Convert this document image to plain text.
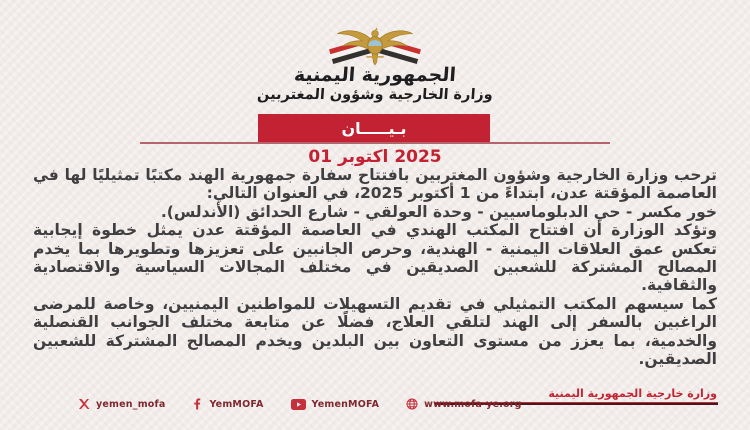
الجمهورية اليمنية
وزارة الخارجية وشؤون المغتربين
بـيـــــان
01 اكتوبر 2025

ترحب وزارة الخارجية وشؤون المغتربين بافتتاح سفارة جمهورية الهند مكتبًا تمثيليًا لها في العاصمة المؤقتة عدن، ابتداءً من 1 أكتوبر 2025، في العنوان التالي:

خور مكسر - حي الدبلوماسيين - وحدة العولقي - شارع الحدائق (الأندلس).

وتؤكد الوزارة أن افتتاح المكتب الهندي في العاصمة المؤقتة عدن يمثل خطوة إيجابية تعكس عمق العلاقات اليمنية - الهندية، وحرص الجانبين على تعزيزها وتطويرها بما يخدم المصالح المشتركة للشعبين الصديقين في مختلف المجالات السياسية والاقتصادية والثقافية.

كما سيسهم المكتب التمثيلي في تقديم التسهيلات للمواطنين اليمنيين، وخاصة للمرضى الراغبين بالسفر إلى الهند لتلقي العلاج، فضلًا عن متابعة مختلف الجوانب القنصلية والخدمية، بما يعزز من مستوى التعاون بين البلدين ويخدم المصالح المشتركة للشعبين الصديقين.

وزارة خارجية الجمهورية اليمنية
yemen_mofa	YemMOFA	YemenMOFA	www.mofa-ye.org
